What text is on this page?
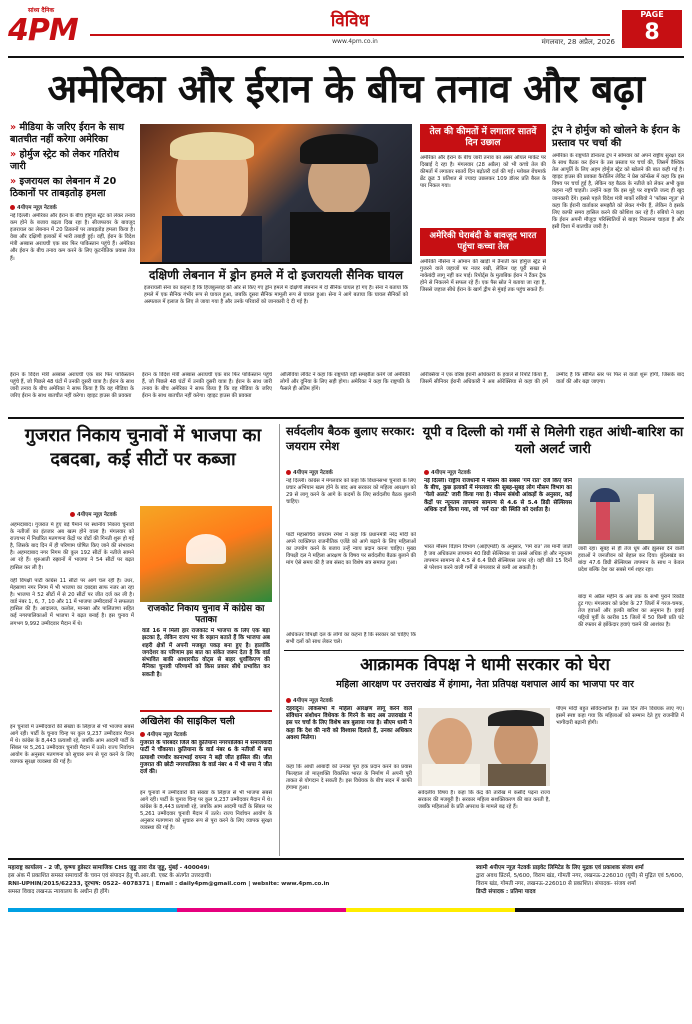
सांध्य दैनिक
4PM	विविध
www.4pm.co.in	मंगलवार, 28 अप्रैल, 2026
PAGE
8
अमेरिका और ईरान के बीच तनाव और बढ़ा
» मीडिया के जरिए ईरान के साथ बातचीत नहीं करेगा अमेरिका
» होर्मुज स्ट्रेट को लेकर गतिरोध जारी
» इजरायल का लेबनान में 20 ठिकानों पर ताबड़तोड़ हमला
4पीएम न्यूज़ नेटवर्क
नई दिल्ली। अमेरिका और ईरान के बीच होर्मुज स्ट्रेट को लेकर तनाव कम होने के बजाय बढ़ता दिख रहा है। सीजफायर के बावजूद इजरायल का लेबनान में 20 ठिकानों पर ताबड़तोड़ हमला किया है। वेबा और दक्षिणी इलाकों में भारी तबाही हुई। वहीं, ईरान के विदेश मंत्री अब्बास अराघची एक बार फिर पाकिस्तान पहुंचे हैं। अमेरिका और ईरान के बीच तनाव कम करने के लिए कूटनीतिक प्रयास तेज हैं।
दक्षिणी लेबनान में ड्रोन हमले में दो इजरायली सैनिक घायल
इजरायली सेना का कहना है कि हिजबुल्लाह की ओर से किए गए ड्रोन हमले में दक्षिणी लेबनान में दो सैनिक घायल हो गए हैं। सेना ने बताया कि हमले में एक सैनिक गंभीर रूप से घायल हुआ, जबकि दूसरा सैनिक मामूली रूप से घायल हुआ। सेना ने आगे बताया कि घायल सैनिकों को अस्पताल में इलाज के लिए ले जाया गया है और उनके परिवारों को जानकारी दे दी गई है।
तेल की कीमतों में लगातार सातवें दिन उछाल
अमेरिका और ईरान के बीच जारी तनाव का असर ऑयल मार्केट पर दिखाई दे रहा है। मंगलवार (28 अप्रैल) को भी कच्चे तेल की कीमतों में लगातार सातवें दिन बढ़ोतरी दर्ज की गई। ग्लोबल बेंचमार्क ब्रेंट क्रूड 3 प्रतिशत से ज्यादा उछलकर 109 डॉलर प्रति बैरल के पार निकल गया।
अमेरिकी घेराबंदी के बावजूद भारत पहुंचा कच्चा तेल
अमेरिकी नौसेना ने ओमान की खाड़ी में तैनाती कर होर्मुज स्ट्रेट से गुजरने वाले जहाजों पर नजर रखी, लेकिन यह घूरी सख्त से नाकेबंदी लागू नहीं कर पाई। रिपोर्ट्स के मुताबिक ईरान ने टैंकर ट्रैक होने से निकलने में सफल रहे हैं। एक पैस स्रोत ने बताया जा रहा है, जिससे जहाज सीधे ईरान के खार्ग द्वीप से मुंबई तक पहुंच सकते हैं।
ट्रंप ने होर्मुज को खोलने के ईरान के प्रस्ताव पर चर्चा की
अमेरिका के राष्ट्रपति डोनाल्ड ट्रंप ने सोमवार को अपने राष्ट्रीय सुरक्षा दल के साथ बैठक कर ईरान के उस प्रस्ताव पर चर्चा की, जिसमें वैश्विक तेल आपूर्ति के लिए अहम होर्मुज स्ट्रेट को खोलने की बात कही गई है। व्हाइट हाउस की प्रवक्ता कैरोलिन लेविट ने प्रेस कॉन्फ्रेंस में कहा कि इस विषय पर चर्चा हुई है, लेकिन यह बैठक के नतीजे को लेकर अभी कुछ कहना नहीं चाहती। उन्होंने कहा कि इस मुद्दे पर राष्ट्रपति जल्द ही खुद जानकारी देंगे। इससे पहले विदेश मंत्री मार्को रुबियो ने 'फॉक्स न्यूज़' से कहा कि ईरानी वार्ताकार समझौते को लेकर गंभीर हैं, लेकिन वे इसके लिए काफी समय हासिल करने की कोशिश कर रहे हैं। रुबियो ने कहा कि ईरान अपनी मौजूदा परिस्थितियों से बाहर निकलना चाहता है और इसी दिशा में बातचीत जारी है।
ईरान के विदेश मंत्री अब्बास अराघची एक बार फिर पाकिस्तान पहुंचे हैं, जो पिछले 48 घंटों में उनकी दूसरी यात्रा है। ईरान के साथ जारी तनाव के बीच अमेरिका ने साफ किया है कि वह मीडिया के जरिए ईरान के साथ बातचीत नहीं करेगा। व्हाइट हाउस की प्रवक्ता
ईरान के विदेश मंत्री अब्बास अराघची एक बार फिर पाकिस्तान पहुंचे हैं, जो पिछले 48 घंटों में उनकी दूसरी यात्रा है। ईरान के साथ जारी तनाव के बीच अमेरिका ने साफ किया है कि वह मीडिया के जरिए ईरान के साथ बातचीत नहीं करेगा। व्हाइट हाउस की प्रवक्ता
ओलिविया लेविट ने कहा कि राष्ट्रपति वही समझौता करेंगे जो अमेरिकी लोगों और दुनिया के लिए सही होगा। अमेरिका ने कहा कि राष्ट्रपति के फैसले ही अंतिम होंगे।
ओरेक्सिया ने एक वरिष्ठ ईरानी अधिकारी के हवाले से रिपोर्ट किया है, जिसमें सीनियर ईरानी अधिकारी ने अब ओरेक्सिया से कहा की हमें उम्मीद है कि सीमित स्तर पर फिर से वार्ता शुरू होगी, जिसके बाद वार्ता की और बढ़ा जाएगा।
गुजरात निकाय चुनावों में भाजपा का दबदबा, कई सीटों पर कब्जा
4पीएम न्यूज़ नेटवर्क
अहमदाबाद। गुजरात में हुए बड़े पैमाने पर स्थानीय निकाय चुनावों के नतीजों का इंतजार अब खत्म होने वाला है। मंगलवार को राज्यभर में निर्धारित मतगणना केंद्रों पर वोटों की गिनती शुरू हो गई है, जिसके बाद दिन में ही परिणाम घोषित किए जाने की संभावना है। अहमदाबाद नगर निगम की कुल 192 सीटों के नतीजे सामने आ रहे हैं। शुरुआती रुझानों में भाजपा ने 54 सीटों पर बढ़त हासिल कर ली है।
वहीं विपक्षी पार्टी कांग्रेस 11 सीटों पर आगे चल रही है। उधर, मेहसाणा नगर निगम में भी भाजपा का दबदबा साफ नजर आ रहा है। भाजपा ने 52 सीटों में से 20 सीटों पर जीत दर्ज कर ली है। वार्ड नंबर 1, 6, 7, 10 और 11 में भाजपा उम्मीदवारों ने सफलता हासिल की है। आदालज, कलोल, मानसा और पालिताणा सहित कई नगरपालिकाओं में भाजपा ने बढ़त बनाई है। इस चुनाव में लगभग 9,992 उम्मीदवार मैदान में थे।
इन चुनावों में उम्मीदवारों की संख्या के लिहाज से भी भाजपा सबसे आगे रही। पार्टी के चुनाव चिन्ह पर कुल 9,237 उम्मीदवार मैदान में थे। कांग्रेस के 8,443 प्रत्याशी रहे, जबकि आम आदमी पार्टी के सिंबल पर 5,261 उम्मीदवार चुनावी मैदान में उतरे। राज्य निर्वाचन आयोग के अनुसार मतगणना को सुचारु रूप से पूरा करने के लिए व्यापक सुरक्षा व्यवस्था की गई है।
राजकोट निकाय चुनाव में कांग्रेस का पताका
वार्ड 16 में मिली हार राजकोट में भाजपा के लिए एक बड़ा झटका है, लेकिन राज्य भर के रुझान बताते हैं कि भाजपा अब शहरी क्षेत्रों में अपनी मजबूत पकड़ बना हुए है। हालांकि जगदेशर का परिणाम इस बात का संकेत जरूर देता है कि वार्ड संभावित बाकी आधारपीठ वोट्स से बाहर धुर्वांकिएण की मैनिका चुनावी परिणामों को किस प्रकार सीधे प्रभावित कर सकती है।
अखिलेश की साइकिल चली
4पीएम न्यूज़ नेटवर्क
गुजरात के पोरबंदर जिले की कुतियाना नगरपालिका में समाजवादी पार्टी ने चौंकाया। कुतियाना के वार्ड नंबर 6 के नतीजों में सपा प्रत्याशी रणधीर कानाभाई रायना ने बड़ी जीत हासिल की। जीत गुजरात की छोटी नगरपालिका के वार्ड नंबर 4 में भी सपा ने जीत दर्ज की।
इन चुनावों में उम्मीदवारों की संख्या के लिहाज से भी भाजपा सबसे आगे रही। पार्टी के चुनाव चिन्ह पर कुल 9,237 उम्मीदवार मैदान में थे। कांग्रेस के 8,443 प्रत्याशी रहे, जबकि आम आदमी पार्टी के सिंबल पर 5,261 उम्मीदवार चुनावी मैदान में उतरे। राज्य निर्वाचन आयोग के अनुसार मतगणना को सुचारु रूप से पूरा करने के लिए व्यापक सुरक्षा व्यवस्था की गई है।
सर्वदलीय बैठक बुलाए सरकार: जयराम रमेश
4पीएम न्यूज़ नेटवर्क
नई दिल्ली। कांग्रेस ने मंगलवार को कहा कि विधानसभा चुनावों के लिए प्रचार अभियान खत्म होने के बाद अब सरकार को महिला आरक्षण को 29 से लागू करने के आगे के कदमों के लिए सर्वदलीय बैठक बुलानी चाहिए।
पार्टी महासचिव जयराम रमेश ने कहा कि प्रधानमंत्री नरेंद्र मोदी को अपने व्यक्तिगत राजनीतिक एजेंडे को आगे बढ़ाने के लिए महिलाओं का उपयोग करने के बजाय उन्हें न्याय प्रदान करना चाहिए। मुख्य विपक्षी दल ने महिला आरक्षण के विषय पर सर्वदलीय बैठक बुलाने की मांग ऐसे समय की है जब संसद का विशेष सत्र समाप्त हुआ।
अधिकतर विपक्षी दल के लोगों का कहना है कि सरकार को चाहिए कि सभी दलों को साथ लेकर चले।
यूपी व दिल्ली को गर्मी से मिलेगी राहत आंधी-बारिश का यलो अलर्ट जारी
4पीएम न्यूज़ नेटवर्क
नई दिल्ली। राष्ट्रीय राजधानी में मौसम की सबसे 'गर्म रात' दर्ज किए जाने के बीच, कुछ इलाकों में मंगलवार की सुबह-सुबह लोग मौसम विभाग का 'येलो अलर्ट' जारी किया गया है। मौसम संबंधी आंकड़ों के अनुसार, कई केंद्रों पर न्यूनतम तापमान सामान्य से 4.6 से 5.4 डिग्री सेल्सियस अधिक दर्ज किया गया, जो 'गर्म रात' की स्थिति को दर्शाता है।
भारत मौसम विज्ञान विभाग (आईएमडी) के अनुसार, 'गर्म रात' तब मानी जाती है जब अधिकतम तापमान 40 डिग्री सेल्सियस या उससे अधिक हो और न्यूनतम तापमान सामान्य से 4.5 से 6.4 डिग्री सेल्सियस ऊपर रहे। वहीं बीते 15 दिनों से परेशान करने वाली गर्मी से मंगलवार से कमी आ सकती है।
जारी रहा। सुबह से ही तेज धूप और झुलसा देने वाली हवाओं ने जनजीवन को बेहाल कर दिया। बुंदेलखंड का बांदा 47.6 डिग्री सेल्सियस तापमान के साथ न केवल प्रदेश बल्कि देश का सबसे गर्म शहर रहा।
बांदा में अप्रैल महीने के अब तक के सभी पुराने रिकॉर्ड टूट गए। मंगलवार को प्रदेश के 27 जिलों में गरज-चमक, तेज हवाओं और हल्की बारिश का अनुमान है। हवाई पट्टियों पूर्वी के कारीब 15 जिलों में 50 किमी प्रति घंटे की रफ्तार से झोंकेदार हवाएं चलने की आशंका है।
आक्रामक विपक्ष ने धामी सरकार को घेरा
महिला आरक्षण पर उत्तराखंड में हंगामा, नेता प्रतिपक्ष यशपाल आर्य का भाजपा पर वार
4पीएम न्यूज़ नेटवर्क
देहरादून। लोकसभा में महिला आरक्षण लागू करने वाले संविधान संशोधन विधेयक के गिरने के बाद अब उत्तराखंड में इस पर चर्चा के लिए विशेष सत्र बुलाया गया है। सीएम धामी ने कहा कि देश की नारी को विश्वास दिलाते हैं, उनका अधिकार अवश्य मिलेगा।
कहा कि आधी आबादी को उनका पूरा हक प्रदान करने का प्रयास फिलहाल तो मातृशक्ति विकसित भारत के निर्माण में अपनी पूरी ताकत से योगदान दे सकती है। इस विधेयक के बीच सदन में काफी हंगामा हुआ।
सर्वदलीय विषय है। कहा कि केंद्र की तारीख में कसीदे पढ़ना राज्य सरकार की मजबूरी है। सरकार महिला सशक्तिकरण की बात करती है, जबकि महिलाओं के प्रति अपराध के मामले बढ़ रहे हैं।
पीएम मोदी बहुत संविदनशील है। उस दिन तीन विधेयक लाए गए। इसमें स्पष्ट कहा गया कि महिलाओं को सम्मान देते हुए राजनीति में भागीदारी बढ़ानी होगी।
महाराष्ट्र कार्यालय - 2 जी, कृष्णा हुडेस्टर सामाजिक CHS जुहू तारा रोड जुहू, मुंबई - 400049।
इस अंक में प्रकाशित समस्त समाचारों के चयन एवं संपादन हेतु पी.आर.बी. एक्ट के अंतर्गत उत्तरदायी।
RNI-UPHIN/2015/62233, दूरभाष: 0522- 4078371 | Email : daily4pm@gmail.com | website: www.4pm.co.in
समस्त विवाद लखनऊ न्यायालय के अधीन ही होंगे।
स्वामी 4पीएम न्यूज़ नेटवर्क प्राइवेट लिमिटेड के लिए मुद्रक एवं प्रकाशक संजय शर्मा
द्वारा अवध प्रिंटर्स, 5/600, विराम खंड, गोमती नगर, लखनऊ-226010 (यूपी) से मुद्रित एवं 5/600, विराम खंड, गोमती नगर, लखनऊ-226010 से प्रकाशित। संपादक- संजय शर्मा
डिप्टी संपादक : प्रतिमा यादव
